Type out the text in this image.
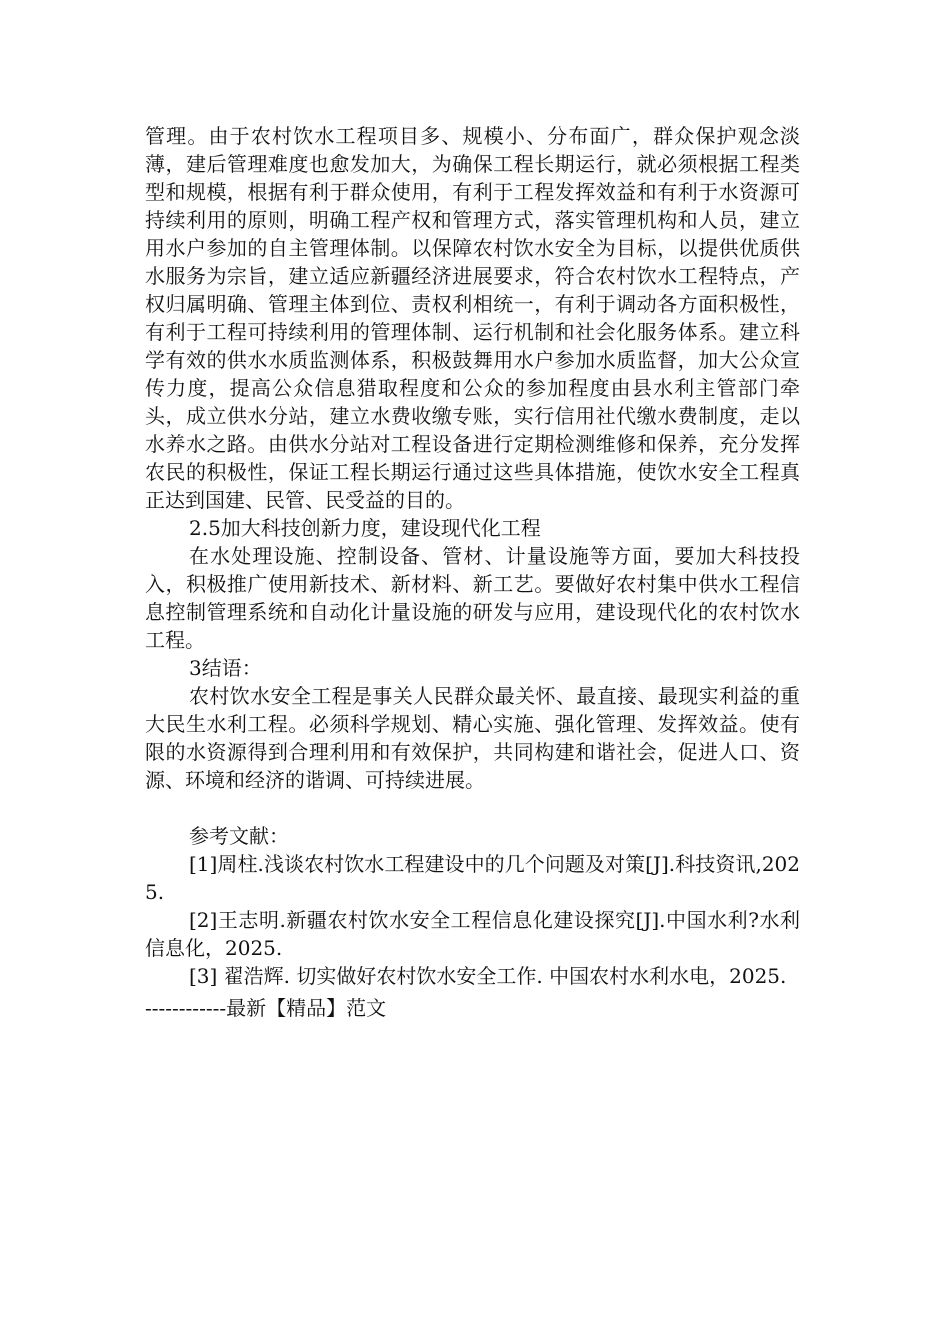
管理。由于农村饮水工程项目多、规模小、分布面广，群众保护观念淡薄，建后管理难度也愈发加大，为确保工程长期运行，就必须根据工程类型和规模，根据有利于群众使用，有利于工程发挥效益和有利于水资源可持续利用的原则，明确工程产权和管理方式，落实管理机构和人员，建立用水户参加的自主管理体制。以保障农村饮水安全为目标，以提供优质供水服务为宗旨，建立适应新疆经济进展要求，符合农村饮水工程特点，产权归属明确、管理主体到位、责权利相统一，有利于调动各方面积极性，有利于工程可持续利用的管理体制、运行机制和社会化服务体系。建立科学有效的供水水质监测体系，积极鼓舞用水户参加水质监督，加大公众宣传力度，提高公众信息猎取程度和公众的参加程度由县水利主管部门牵头，成立供水分站，建立水费收缴专账，实行信用社代缴水费制度，走以水养水之路。由供水分站对工程设备进行定期检测维修和保养，充分发挥农民的积极性，保证工程长期运行通过这些具体措施，使饮水安全工程真正达到国建、民管、民受益的目的。

2.5加大科技创新力度，建设现代化工程

在水处理设施、控制设备、管材、计量设施等方面，要加大科技投入，积极推广使用新技术、新材料、新工艺。要做好农村集中供水工程信息控制管理系统和自动化计量设施的研发与应用，建设现代化的农村饮水工程。

3结语：

农村饮水安全工程是事关人民群众最关怀、最直接、最现实利益的重大民生水利工程。必须科学规划、精心实施、强化管理、发挥效益。使有限的水资源得到合理利用和有效保护，共同构建和谐社会，促进人口、资源、环境和经济的谐调、可持续进展。

参考文献：

[1]周柱.浅谈农村饮水工程建设中的几个问题及对策[J].科技资讯,2025.

[2]王志明.新疆农村饮水安全工程信息化建设探究[J].中国水利?水利信息化，2025.

[3] 翟浩辉. 切实做好农村饮水安全工作. 中国农村水利水电，2025.

------------最新【精品】范文
